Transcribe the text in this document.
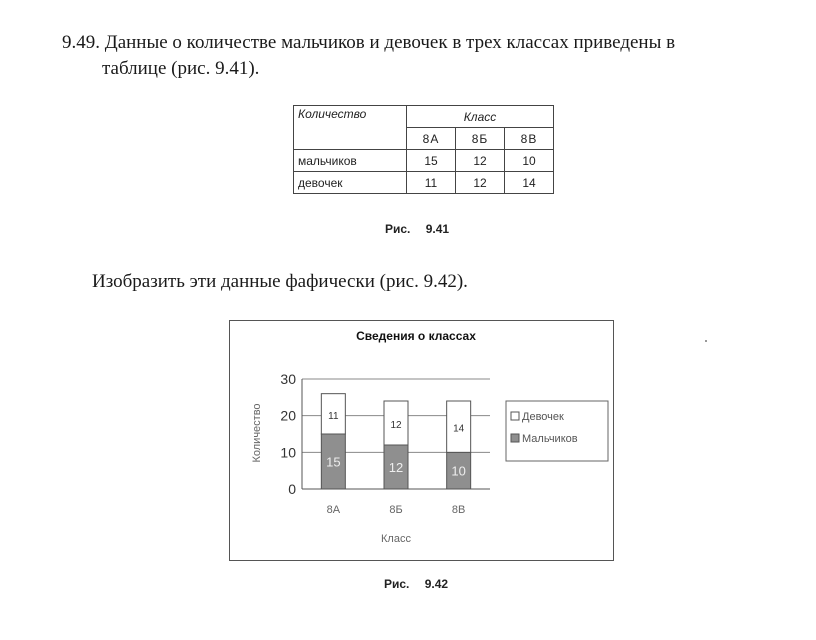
9.49. Данные о количестве мальчиков и девочек в трех классах приведены в
таблице (рис. 9.41).
Количество	Класс		
	8А	8Б	8В
мальчиков	15	12	10
девочек	11	12	14
Рис. 9.41
Изобразить эти данные фафически (рис. 9.42).
Сведения о классах
Количество
Класс
0
10
20
30
15
11
12
12
10
14
8А	8Б	8В
Девочек
Мальчиков
Рис. 9.42
